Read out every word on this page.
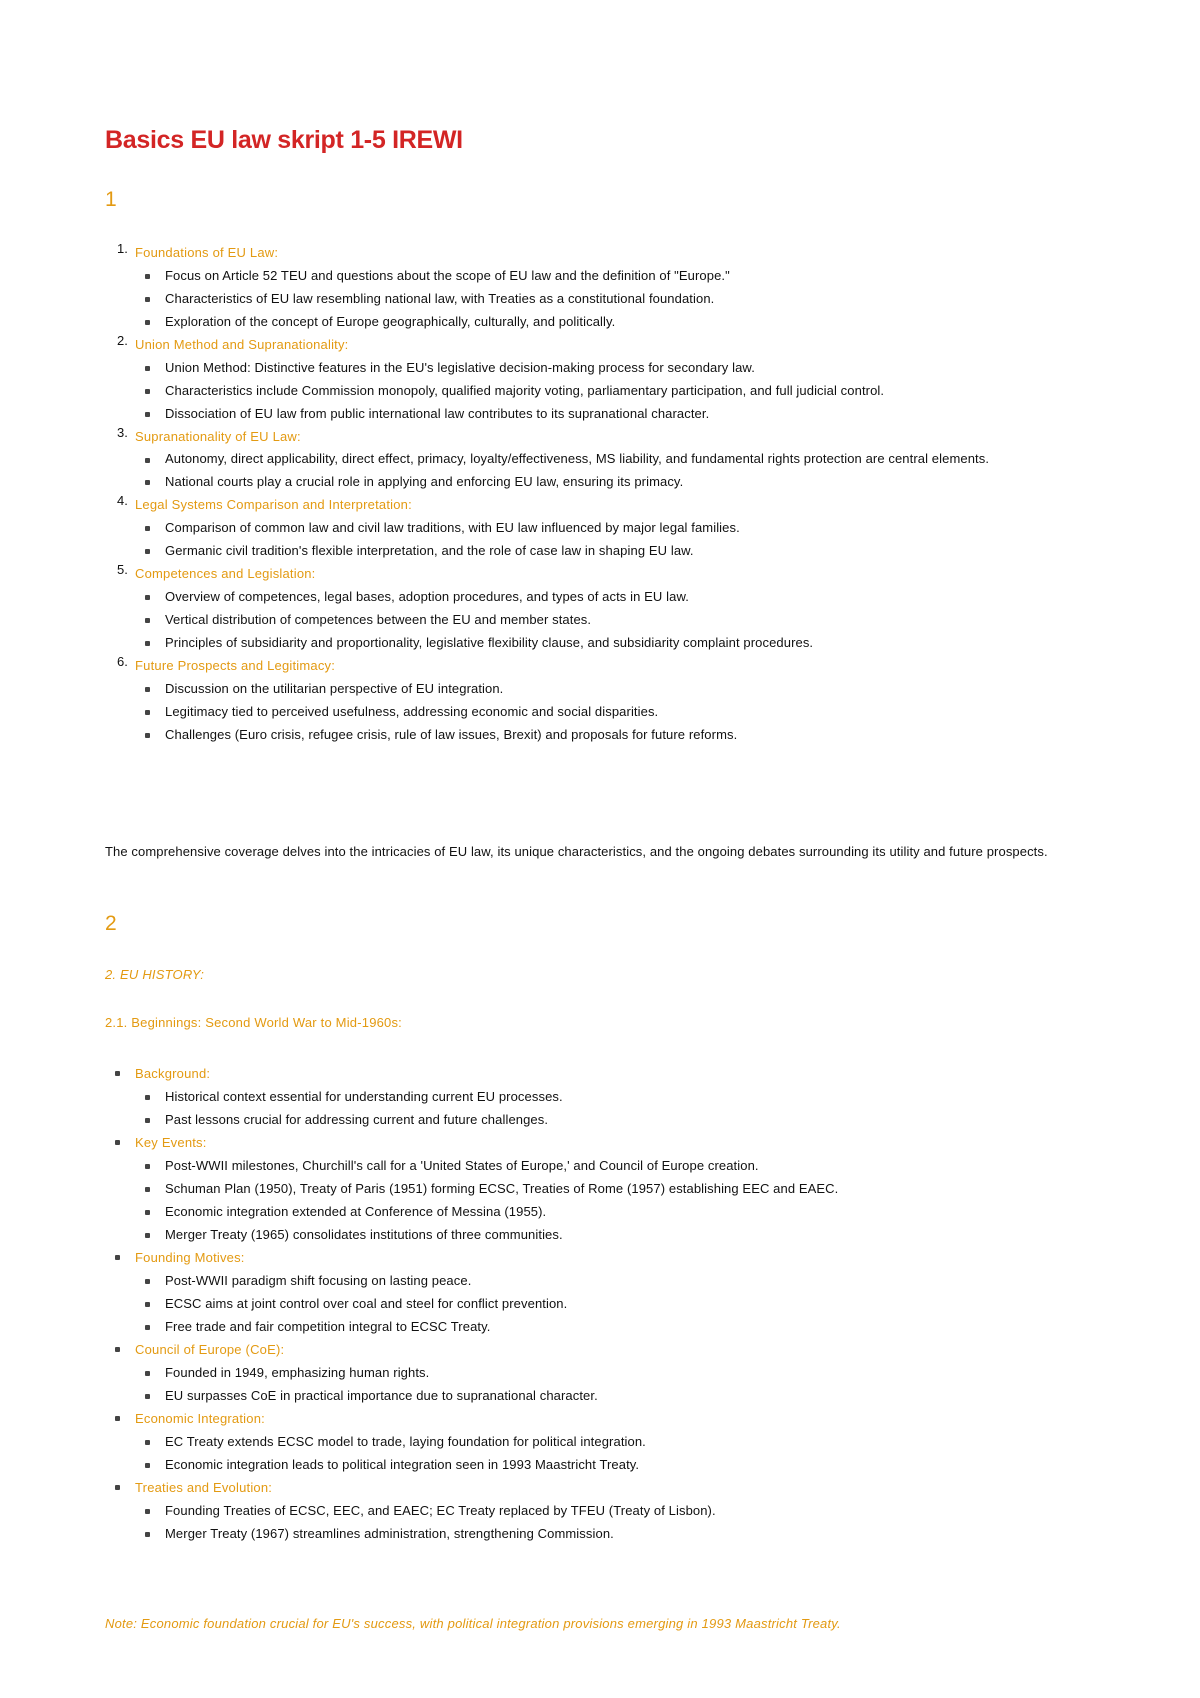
Basics EU law skript 1-5 IREWI
1
1. Foundations of EU Law:
Focus on Article 52 TEU and questions about the scope of EU law and the definition of "Europe."
Characteristics of EU law resembling national law, with Treaties as a constitutional foundation.
Exploration of the concept of Europe geographically, culturally, and politically.
2. Union Method and Supranationality:
Union Method: Distinctive features in the EU's legislative decision-making process for secondary law.
Characteristics include Commission monopoly, qualified majority voting, parliamentary participation, and full judicial control.
Dissociation of EU law from public international law contributes to its supranational character.
3. Supranationality of EU Law:
Autonomy, direct applicability, direct effect, primacy, loyalty/effectiveness, MS liability, and fundamental rights protection are central elements.
National courts play a crucial role in applying and enforcing EU law, ensuring its primacy.
4. Legal Systems Comparison and Interpretation:
Comparison of common law and civil law traditions, with EU law influenced by major legal families.
Germanic civil tradition's flexible interpretation, and the role of case law in shaping EU law.
5. Competences and Legislation:
Overview of competences, legal bases, adoption procedures, and types of acts in EU law.
Vertical distribution of competences between the EU and member states.
Principles of subsidiarity and proportionality, legislative flexibility clause, and subsidiarity complaint procedures.
6. Future Prospects and Legitimacy:
Discussion on the utilitarian perspective of EU integration.
Legitimacy tied to perceived usefulness, addressing economic and social disparities.
Challenges (Euro crisis, refugee crisis, rule of law issues, Brexit) and proposals for future reforms.

The comprehensive coverage delves into the intricacies of EU law, its unique characteristics, and the ongoing debates surrounding its utility and future prospects.

2

2. EU HISTORY:

2.1. Beginnings: Second World War to Mid-1960s:

Background:
Historical context essential for understanding current EU processes.
Past lessons crucial for addressing current and future challenges.
Key Events:
Post-WWII milestones, Churchill's call for a 'United States of Europe,' and Council of Europe creation.
Schuman Plan (1950), Treaty of Paris (1951) forming ECSC, Treaties of Rome (1957) establishing EEC and EAEC.
Economic integration extended at Conference of Messina (1955).
Merger Treaty (1965) consolidates institutions of three communities.
Founding Motives:
Post-WWII paradigm shift focusing on lasting peace.
ECSC aims at joint control over coal and steel for conflict prevention.
Free trade and fair competition integral to ECSC Treaty.
Council of Europe (CoE):
Founded in 1949, emphasizing human rights.
EU surpasses CoE in practical importance due to supranational character.
Economic Integration:
EC Treaty extends ECSC model to trade, laying foundation for political integration.
Economic integration leads to political integration seen in 1993 Maastricht Treaty.
Treaties and Evolution:
Founding Treaties of ECSC, EEC, and EAEC; EC Treaty replaced by TFEU (Treaty of Lisbon).
Merger Treaty (1967) streamlines administration, strengthening Commission.

Note: Economic foundation crucial for EU's success, with political integration provisions emerging in 1993 Maastricht Treaty.
